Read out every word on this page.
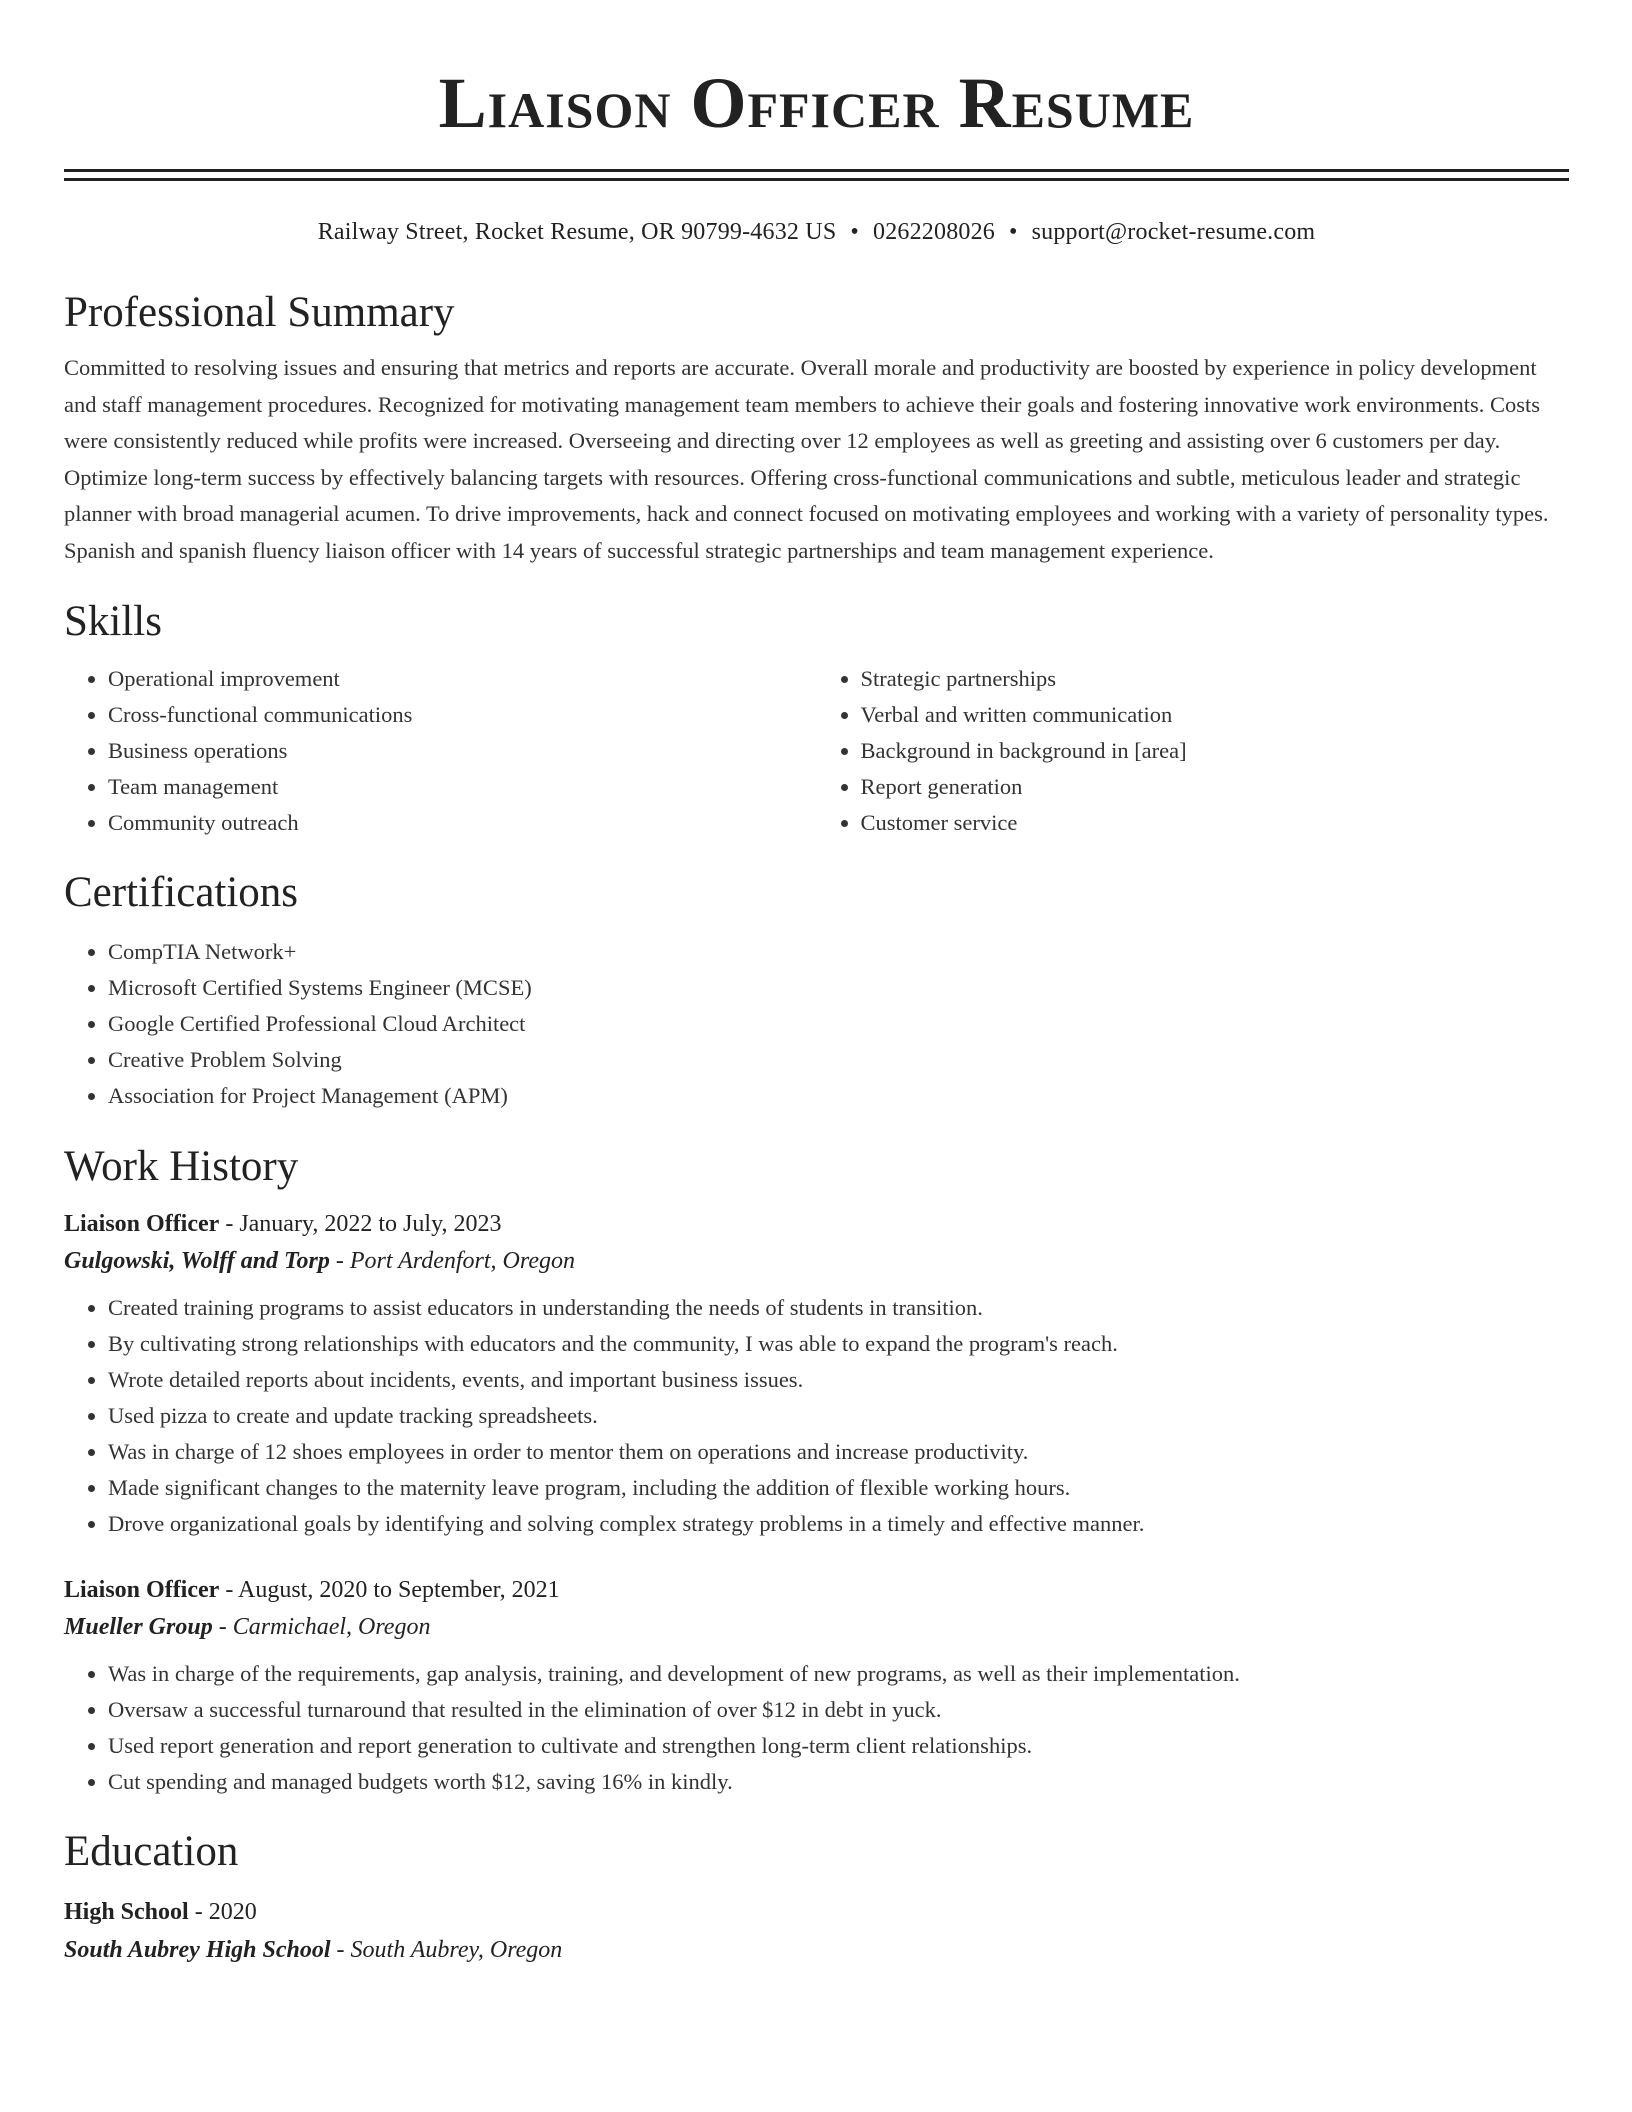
Liaison Officer Resume
Railway Street, Rocket Resume, OR 90799-4632 US • 0262208026 • support@rocket-resume.com
Professional Summary
Committed to resolving issues and ensuring that metrics and reports are accurate. Overall morale and productivity are boosted by experience in policy development and staff management procedures. Recognized for motivating management team members to achieve their goals and fostering innovative work environments. Costs were consistently reduced while profits were increased. Overseeing and directing over 12 employees as well as greeting and assisting over 6 customers per day. Optimize long-term success by effectively balancing targets with resources. Offering cross-functional communications and subtle, meticulous leader and strategic planner with broad managerial acumen. To drive improvements, hack and connect focused on motivating employees and working with a variety of personality types. Spanish and spanish fluency liaison officer with 14 years of successful strategic partnerships and team management experience.
Skills
• Operational improvement
• Cross-functional communications
• Business operations
• Team management
• Community outreach
• Strategic partnerships
• Verbal and written communication
• Background in background in [area]
• Report generation
• Customer service
Certifications
• CompTIA Network+
• Microsoft Certified Systems Engineer (MCSE)
• Google Certified Professional Cloud Architect
• Creative Problem Solving
• Association for Project Management (APM)
Work History
Liaison Officer - January, 2022 to July, 2023
Gulgowski, Wolff and Torp - Port Ardenfort, Oregon
• Created training programs to assist educators in understanding the needs of students in transition.
• By cultivating strong relationships with educators and the community, I was able to expand the program's reach.
• Wrote detailed reports about incidents, events, and important business issues.
• Used pizza to create and update tracking spreadsheets.
• Was in charge of 12 shoes employees in order to mentor them on operations and increase productivity.
• Made significant changes to the maternity leave program, including the addition of flexible working hours.
• Drove organizational goals by identifying and solving complex strategy problems in a timely and effective manner.
Liaison Officer - August, 2020 to September, 2021
Mueller Group - Carmichael, Oregon
• Was in charge of the requirements, gap analysis, training, and development of new programs, as well as their implementation.
• Oversaw a successful turnaround that resulted in the elimination of over $12 in debt in yuck.
• Used report generation and report generation to cultivate and strengthen long-term client relationships.
• Cut spending and managed budgets worth $12, saving 16% in kindly.
Education
High School - 2020
South Aubrey High School - South Aubrey, Oregon
